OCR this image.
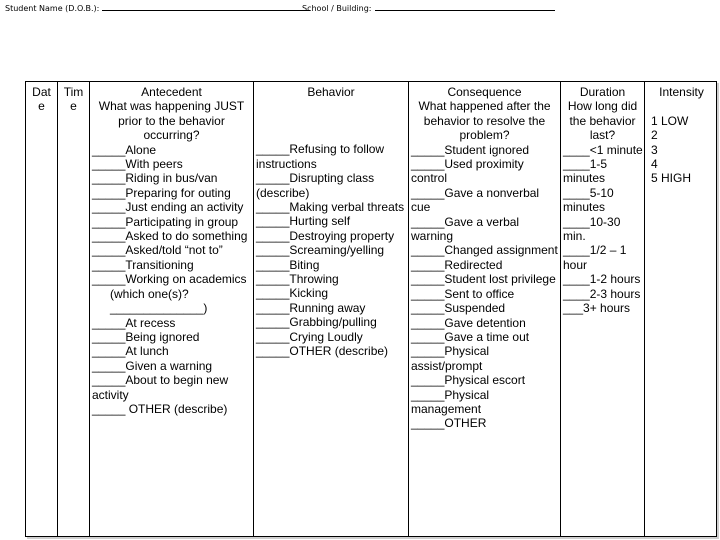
Student Name (D.O.B.):	School / Building:
Date
Time
Antecedent
What was happening JUST prior to the behavior occurring?
_____Alone
_____With peers
_____Riding in bus/van
_____Preparing for outing
_____Just ending an activity
_____Participating in group
_____Asked to do something
_____Asked/told “not to”
_____Transitioning
_____Working on academics
(which one(s)? ______________)
_____At recess
_____Being ignored
_____At lunch
_____Given a warning
_____About to begin new activity
_____ OTHER (describe)
Behavior
_____Refusing to follow instructions
_____Disrupting class (describe)
_____Making verbal threats
_____Hurting self
_____Destroying property
_____Screaming/yelling
_____Biting
_____Throwing
_____Kicking
_____Running away
_____Grabbing/pulling
_____Crying Loudly
_____OTHER (describe)
Consequence
What happened after the behavior to resolve the problem?
_____Student ignored
_____Used proximity control
_____Gave a nonverbal cue
_____Gave a verbal warning
_____Changed assignment
_____Redirected
_____Student lost privilege
_____Sent to office
_____Suspended
_____Gave detention
_____Gave a time out
_____Physical assist/prompt
_____Physical escort
_____Physical management
_____OTHER
Duration
How long did the behavior last?
____<1 minute
____1-5 minutes
____5-10 minutes
____10-30 min.
____1/2 – 1 hour
____1-2 hours
____2-3 hours
___3+ hours
Intensity
1 LOW
2
3
4
5 HIGH
